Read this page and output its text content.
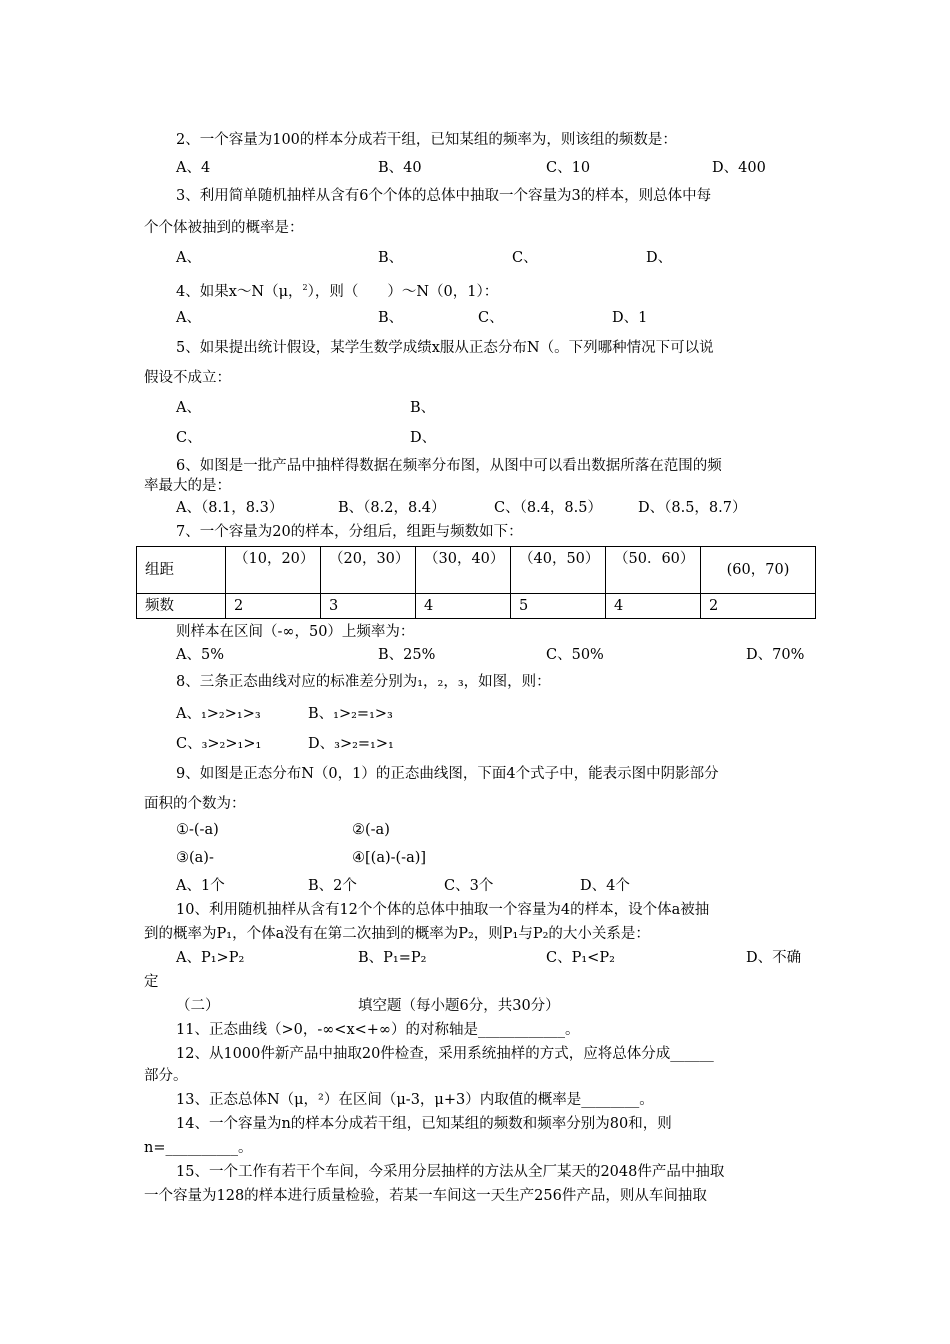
2、一个容量为100的样本分成若干组，已知某组的频率为，则该组的频数是：
A、4	B、40	C、10	D、400
3、利用简单随机抽样从含有6个个体的总体中抽取一个容量为3的样本，则总体中每
个个体被抽到的概率是：
A、	B、	C、	D、
4、如果x～N（μ，$^2$），则（　　）～N（0，1）：
A、	B、	C、	D、1
5、如果提出统计假设，某学生数学成绩x服从正态分布N（。下列哪种情况下可以说
假设不成立：
A、	B、
C、	D、
6、如图是一批产品中抽样得数据在频率分布图，从图中可以看出数据所落在范围的频
率最大的是：
A、（8.1，8.3）	B、（8.2，8.4）	C、（8.4，8.5） D、（8.5，8.7）
7、一个容量为20的样本，分组后，组距与频数如下：
组距	（10，20）	（20，30）	（30，40）	（40，50）	（50．60）	(60，70)
频数	2	3	4	5	4	2
则样本在区间（-∞，50）上频率为：
A、5%	B、25%	C、50%	D、70%
8、三条正态曲线对应的标准差分别为₁，₂，₃，如图，则：
A、₁>₂>₁>₃	B、₁>₂=₁>₃
C、₃>₂>₁>₁	D、₃>₂=₁>₁
9、如图是正态分布N（0，1）的正态曲线图，下面4个式子中，能表示图中阴影部分
面积的个数为：
①-(-a)	②(-a)
③(a)-	④[(a)-(-a)]
A、1个	B、2个	C、3个	D、4个
10、利用随机抽样从含有12个个体的总体中抽取一个容量为4的样本，设个体a被抽
到的概率为P₁，个体a没有在第二次抽到的概率为P₂，则P₁与P₂的大小关系是：
A、P₁>P₂	B、P₁=P₂	C、P₁<P₂	D、不确
定
（二）	填空题（每小题6分，共30分）
11、正态曲线（>0，-∞<x<+∞）的对称轴是____________。
12、从1000件新产品中抽取20件检查，采用系统抽样的方式，应将总体分成______
部分。
13、正态总体N（μ，²）在区间（μ-3，μ+3）内取值的概率是________。
14、一个容量为n的样本分成若干组，已知某组的频数和频率分别为80和，则
n=__________。
15、一个工作有若干个车间，今采用分层抽样的方法从全厂某天的2048件产品中抽取
一个容量为128的样本进行质量检验，若某一车间这一天生产256件产品，则从车间抽取
